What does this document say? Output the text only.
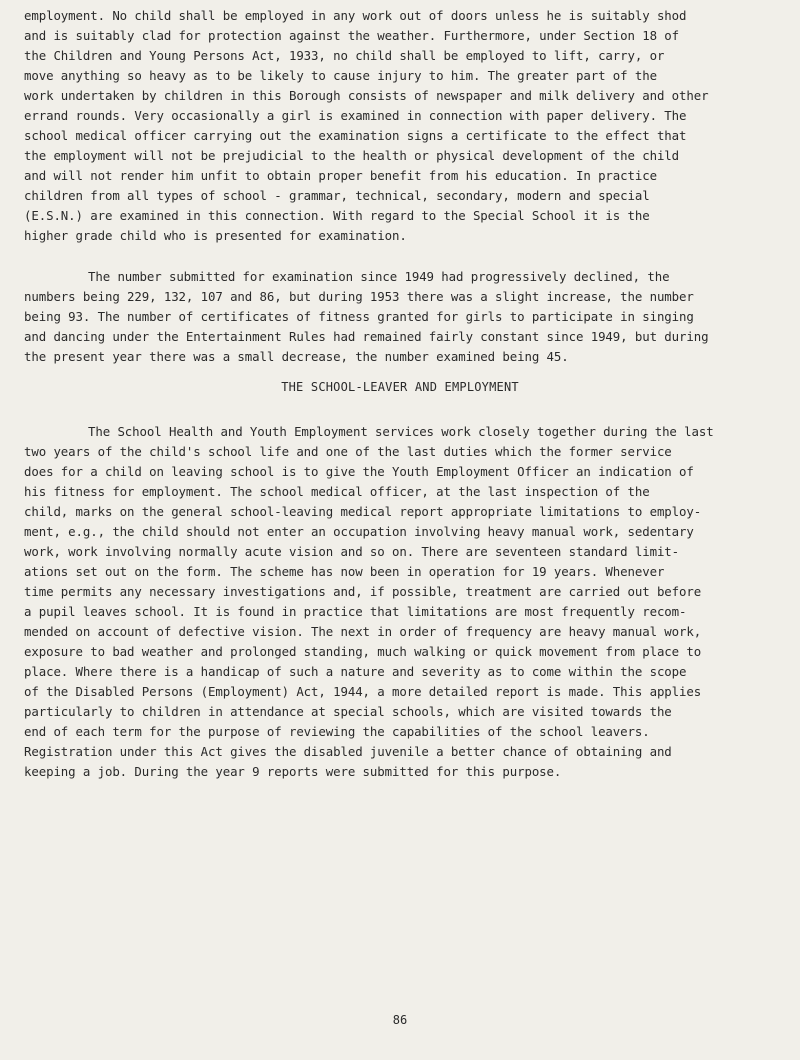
employment. No child shall be employed in any work out of doors unless he is suitably shod
and is suitably clad for protection against the weather. Furthermore, under Section 18 of
the Children and Young Persons Act, 1933, no child shall be employed to lift, carry, or
move anything so heavy as to be likely to cause injury to him. The greater part of the
work undertaken by children in this Borough consists of newspaper and milk delivery and other
errand rounds. Very occasionally a girl is examined in connection with paper delivery. The
school medical officer carrying out the examination signs a certificate to the effect that
the employment will not be prejudicial to the health or physical development of the child
and will not render him unfit to obtain proper benefit from his education. In practice
children from all types of school - grammar, technical, secondary, modern and special
(E.S.N.) are examined in this connection. With regard to the Special School it is the
higher grade child who is presented for examination.
The number submitted for examination since 1949 had progressively declined, the
numbers being 229, 132, 107 and 86, but during 1953 there was a slight increase, the number
being 93. The number of certificates of fitness granted for girls to participate in singing
and dancing under the Entertainment Rules had remained fairly constant since 1949, but during
the present year there was a small decrease, the number examined being 45.
THE SCHOOL-LEAVER AND EMPLOYMENT
The School Health and Youth Employment services work closely together during the last
two years of the child's school life and one of the last duties which the former service
does for a child on leaving school is to give the Youth Employment Officer an indication of
his fitness for employment. The school medical officer, at the last inspection of the
child, marks on the general school-leaving medical report appropriate limitations to employ-
ment, e.g., the child should not enter an occupation involving heavy manual work, sedentary
work, work involving normally acute vision and so on. There are seventeen standard limit-
ations set out on the form. The scheme has now been in operation for 19 years. Whenever
time permits any necessary investigations and, if possible, treatment are carried out before
a pupil leaves school. It is found in practice that limitations are most frequently recom-
mended on account of defective vision. The next in order of frequency are heavy manual work,
exposure to bad weather and prolonged standing, much walking or quick movement from place to
place. Where there is a handicap of such a nature and severity as to come within the scope
of the Disabled Persons (Employment) Act, 1944, a more detailed report is made. This applies
particularly to children in attendance at special schools, which are visited towards the
end of each term for the purpose of reviewing the capabilities of the school leavers.
Registration under this Act gives the disabled juvenile a better chance of obtaining and
keeping a job. During the year 9 reports were submitted for this purpose.
86
